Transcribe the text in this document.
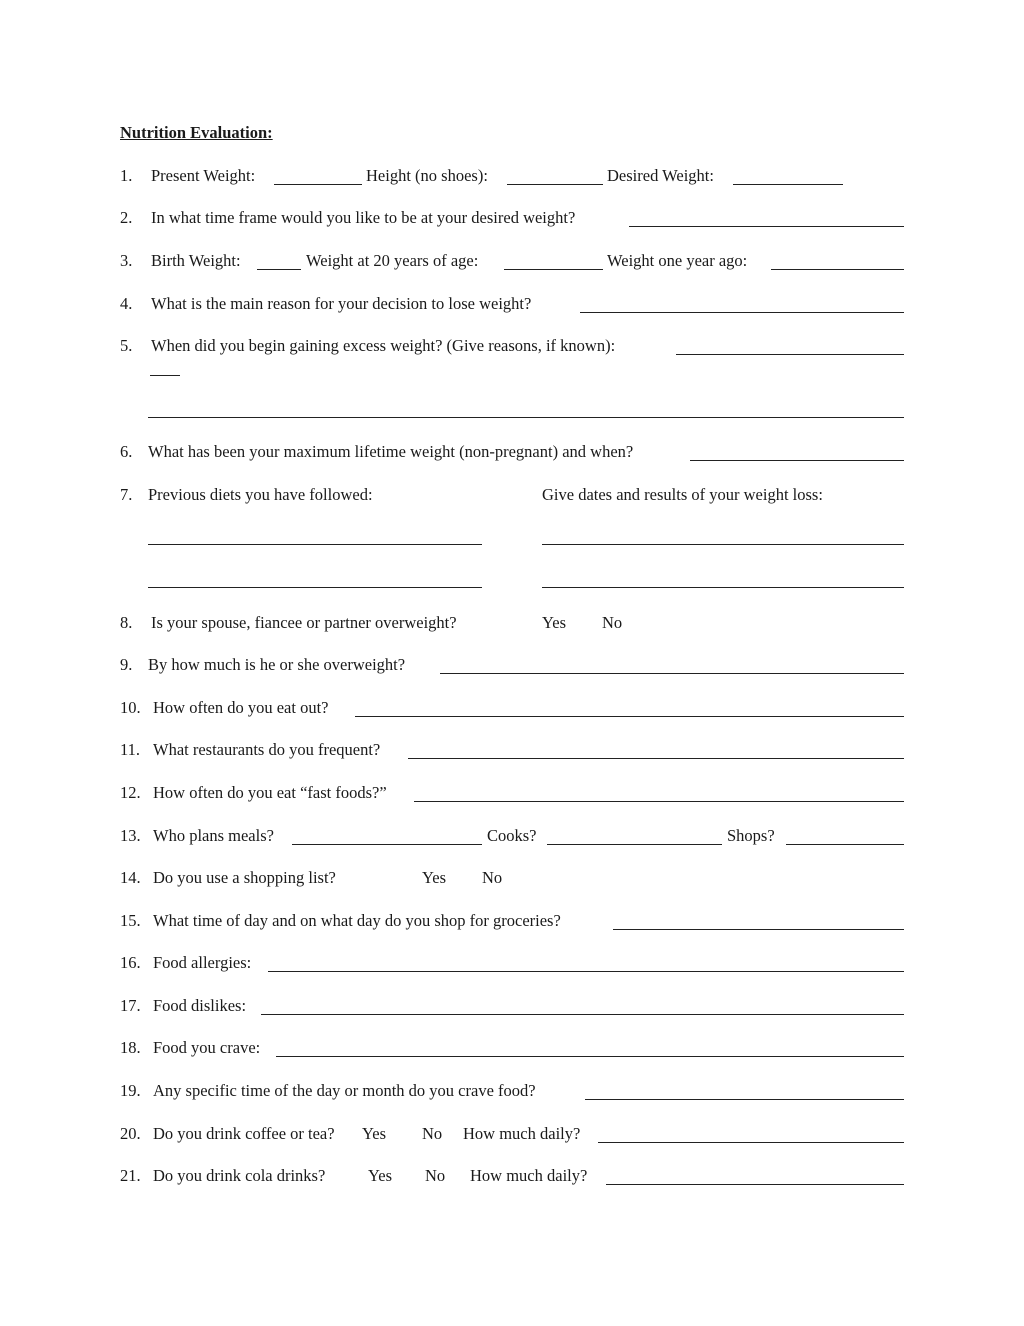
Nutrition Evaluation:
1. Present Weight:	Height (no shoes):	Desired Weight:
2. In what time frame would you like to be at your desired weight?
3. Birth Weight:	Weight at 20 years of age:	Weight one year ago:
4. What is the main reason for your decision to lose weight?
5. When did you begin gaining excess weight? (Give reasons, if known):
6. What has been your maximum lifetime weight (non-pregnant) and when?
7. Previous diets you have followed:	Give dates and results of your weight loss:
8. Is your spouse, fiancee or partner overweight?	Yes No
9. By how much is he or she overweight?
10. How often do you eat out?
11. What restaurants do you frequent?
12. How often do you eat “fast foods?”
13. Who plans meals?	Cooks?	Shops?
14. Do you use a shopping list?	Yes No
15. What time of day and on what day do you shop for groceries?
16. Food allergies:
17. Food dislikes:
18. Food you crave:
19. Any specific time of the day or month do you crave food?
20. Do you drink coffee or tea? Yes No How much daily?
21. Do you drink cola drinks?	Yes No How much daily?
